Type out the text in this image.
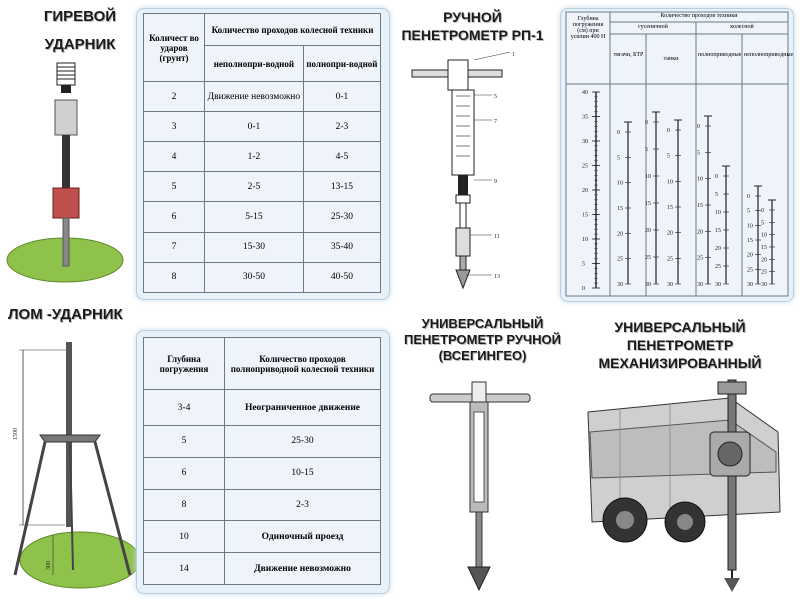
ГИРЕВОЙ
УДАРНИК
ЛОМ -УДАРНИК
РУЧНОЙ
ПЕНЕТРОМЕТР РП-1
УНИВЕРСАЛЬНЫЙ
ПЕНЕТРОМЕТР РУЧНОЙ
(ВСЕГИНГЕО)
УНИВЕРСАЛЬНЫЙ
ПЕНЕТРОМЕТР
МЕХАНИЗИРОВАННЫЙ
1500
300
Количест во ударов (грунт)	Количество проходов колесной техники	
	неполнопри-водной	полнопри-водной
2	Движение невозможно	0-1
3	0-1	2-3
4	1-2	4-5
5	2-5	13-15
6	5-15	25-30
7	15-30	35-40
8	30-50	40-50
Глубина погружения	Количество проходов полноприводной колесной техники
3-4	Неограниченное движение
5	25-30
6	10-15
8	2-3
10	Одиночный проезд
14	Движение невозможно
1
5
7
9
11
13
Глубина погружения (см) при усилии 400 Н
Количество проходов техники
гусеничной	колесной
тягачи, БТР
танки
полноприводные неполноприводные
40
35
30
25
20
15
10
5
0
0
5
10
15
20
25
30
0
5
10
15
20
25
30
0
5
10
15
20
25
30
0
5
10
15
20
25
30
0
5
10
15
20
25
30
0
5
10
15
20
25
30
0
5
10
15
20
25
30
